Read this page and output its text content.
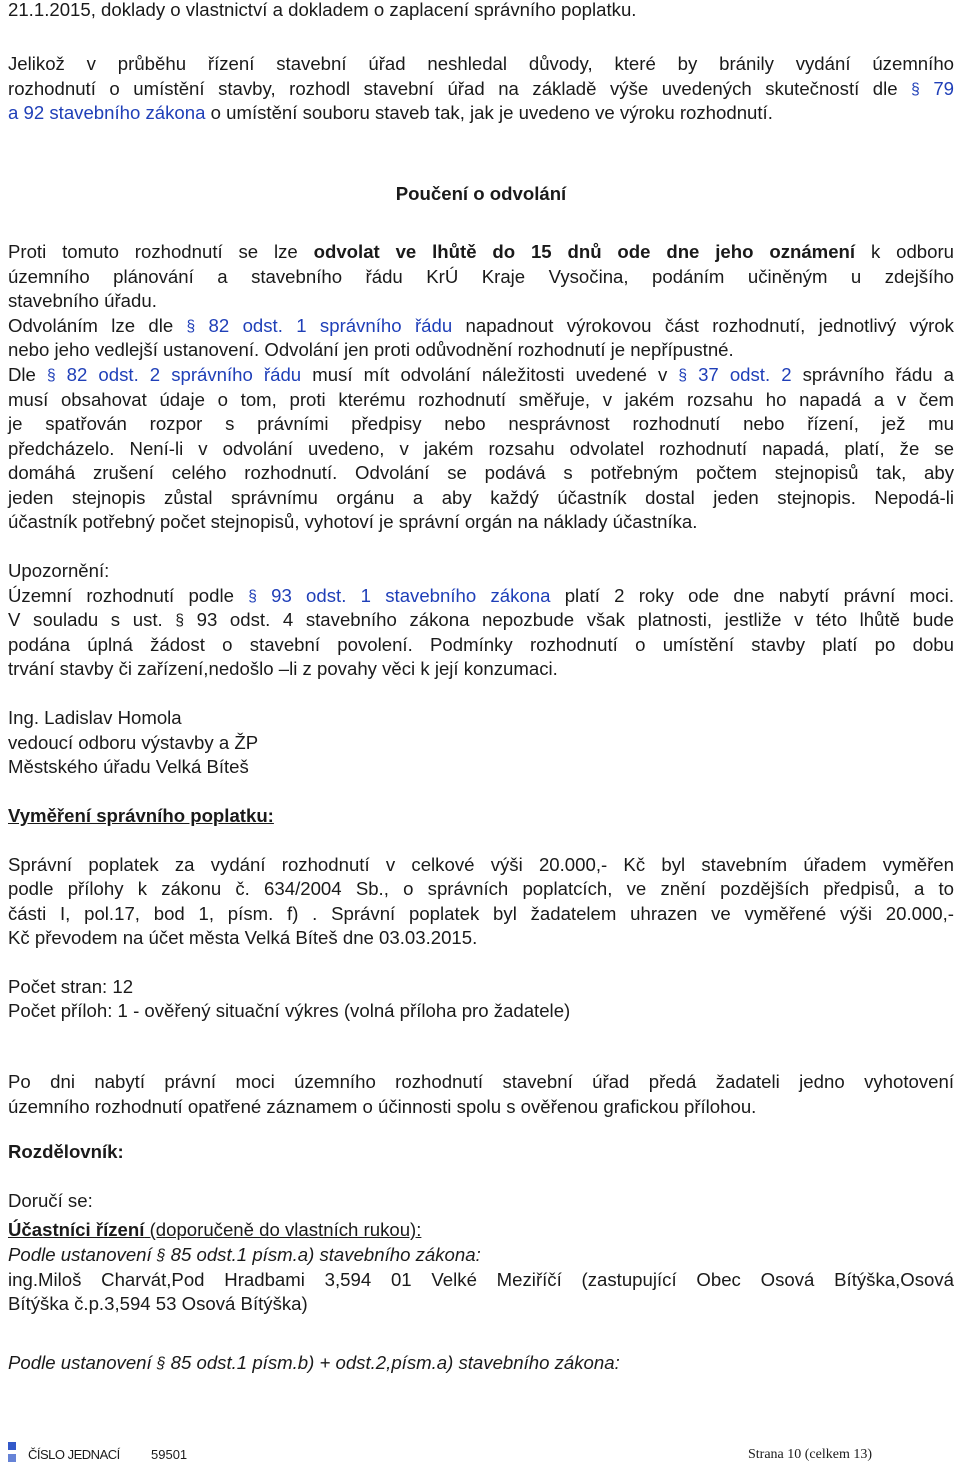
21.1.2015, doklady o vlastnictví a dokladem o zaplacení správního poplatku.
Jelikož v průběhu řízení stavební úřad neshledal důvody, které by bránily vydání územního
rozhodnutí o umístění stavby, rozhodl stavební úřad na základě výše uvedených skutečností dle § 79
a 92 stavebního zákona o umístění souboru staveb tak, jak je uvedeno ve výroku rozhodnutí.
Poučení o odvolání
Proti tomuto rozhodnutí se lze odvolat ve lhůtě do 15 dnů ode dne jeho oznámení k odboru
územního plánování a stavebního řádu KrÚ Kraje Vysočina, podáním učiněným u zdejšího
stavebního úřadu.
Odvoláním lze dle § 82 odst. 1 správního řádu napadnout výrokovou část rozhodnutí, jednotlivý výrok
nebo jeho vedlejší ustanovení. Odvolání jen proti odůvodnění rozhodnutí je nepřípustné.
Dle § 82 odst. 2 správního řádu musí mít odvolání náležitosti uvedené v § 37 odst. 2 správního řádu a
musí obsahovat údaje o tom, proti kterému rozhodnutí směřuje, v jakém rozsahu ho napadá a v čem
je spatřován rozpor s právními předpisy nebo nesprávnost rozhodnutí nebo řízení, jež mu
předcházelo. Není-li v odvolání uvedeno, v jakém rozsahu odvolatel rozhodnutí napadá, platí, že se
domáhá zrušení celého rozhodnutí. Odvolání se podává s potřebným počtem stejnopisů tak, aby
jeden stejnopis zůstal správnímu orgánu a aby každý účastník dostal jeden stejnopis. Nepodá-li
účastník potřebný počet stejnopisů, vyhotoví je správní orgán na náklady účastníka.
Upozornění:
Územní rozhodnutí podle § 93 odst. 1 stavebního zákona platí 2 roky ode dne nabytí právní moci.
V souladu s ust. § 93 odst. 4 stavebního zákona nepozbude však platnosti, jestliže v této lhůtě bude
podána úplná žádost o stavební povolení. Podmínky rozhodnutí o umístění stavby platí po dobu
trvání stavby či zařízení,nedošlo –li z povahy věci k její konzumaci.
Ing. Ladislav Homola
vedoucí odboru výstavby a ŽP
Městského úřadu Velká Bíteš
Vyměření správního poplatku:
Správní poplatek za vydání rozhodnutí v celkové výši 20.000,- Kč byl stavebním úřadem vyměřen
podle přílohy k zákonu č. 634/2004 Sb., o správních poplatcích, ve znění pozdějších předpisů, a to
části I, pol.17, bod 1, písm. f) . Správní poplatek byl žadatelem uhrazen ve vyměřené výši 20.000,-
Kč převodem na účet města Velká Bíteš dne 03.03.2015.
Počet stran: 12
Počet příloh: 1 - ověřený situační výkres (volná příloha pro žadatele)
Po dni nabytí právní moci územního rozhodnutí stavební úřad předá žadateli jedno vyhotovení
územního rozhodnutí opatřené záznamem o účinnosti spolu s ověřenou grafickou přílohou.
Rozdělovník:
Doručí se:
Účastníci řízení (doporučeně do vlastních rukou):
Podle ustanovení § 85 odst.1 písm.a) stavebního zákona:
ing.Miloš Charvát,Pod Hradbami 3,594 01 Velké Meziříčí (zastupující Obec Osová Bítýška,Osová
Bítýška č.p.3,594 53 Osová Bítýška)
Podle ustanovení § 85 odst.1 písm.b) + odst.2,písm.a) stavebního zákona:
ČÍSLO JEDNACÍ 59501	Strana 10 (celkem 13)
